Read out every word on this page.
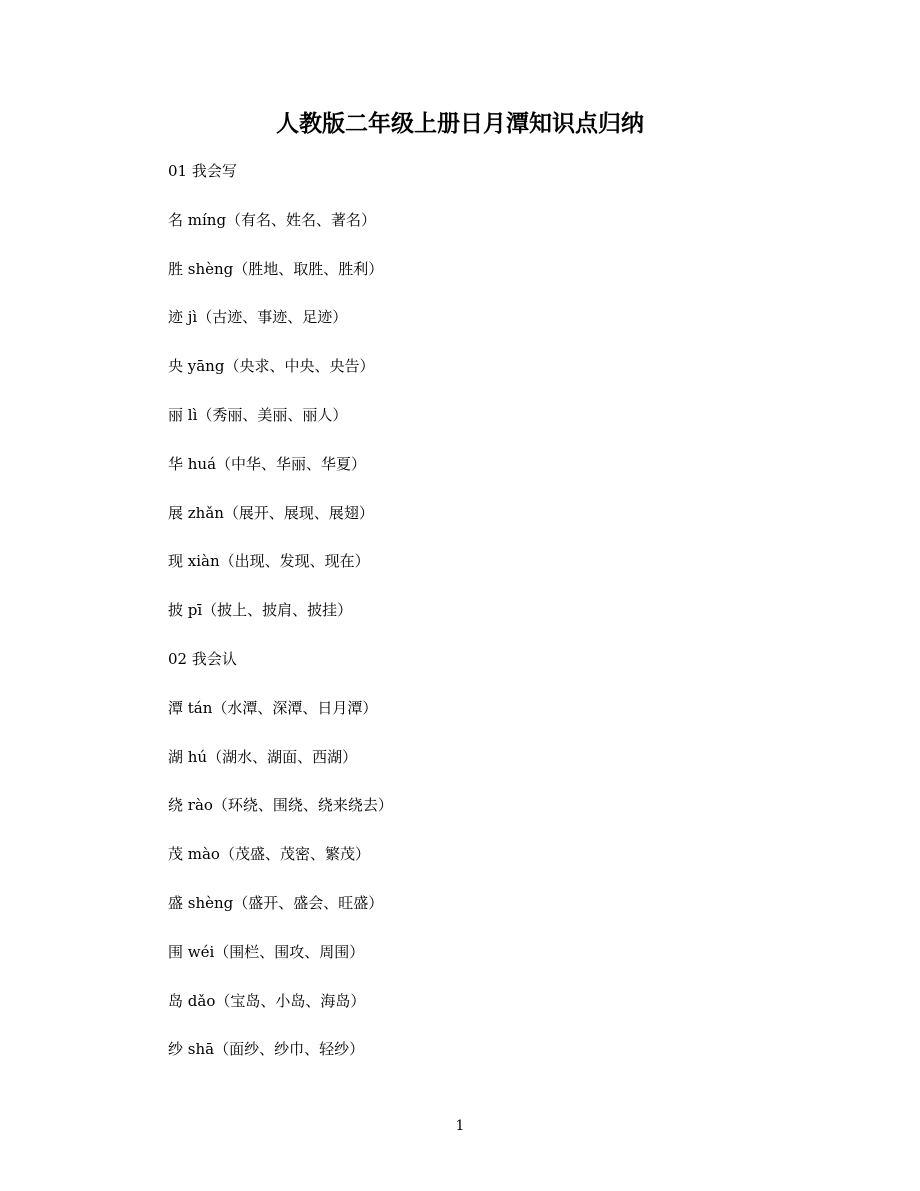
人教版二年级上册日月潭知识点归纳
01 我会写
名 míng（有名、姓名、著名）
胜 shèng（胜地、取胜、胜利）
迹 jì（古迹、事迹、足迹）
央 yāng（央求、中央、央告）
丽 lì（秀丽、美丽、丽人）
华 huá（中华、华丽、华夏）
展 zhǎn（展开、展现、展翅）
现 xiàn（出现、发现、现在）
披 pī（披上、披肩、披挂）
02 我会认
潭 tán（水潭、深潭、日月潭）
湖 hú（湖水、湖面、西湖）
绕 rào（环绕、围绕、绕来绕去）
茂 mào（茂盛、茂密、繁茂）
盛 shèng（盛开、盛会、旺盛）
围 wéi（围栏、围攻、周围）
岛 dǎo（宝岛、小岛、海岛）
纱 shā（面纱、纱巾、轻纱）
1
